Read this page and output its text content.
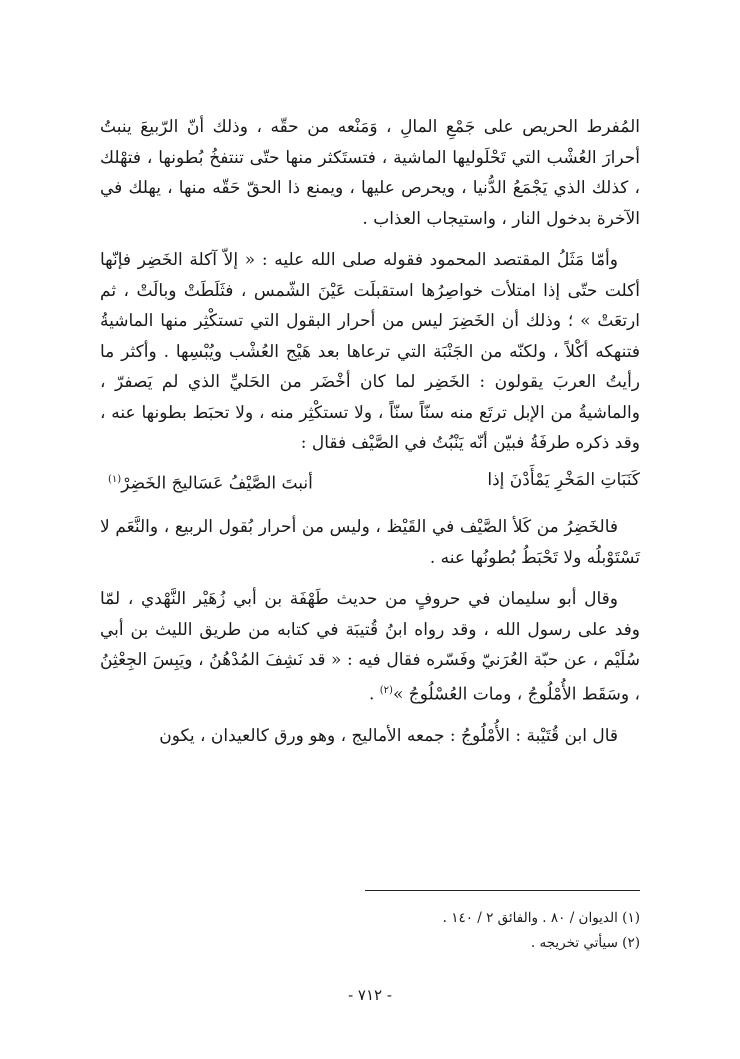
المُفرط الحريص على جَمْعِ المالِ ، وَمَنْعه من حقّه ، وذلك أنّ الرّبيعَ ينبتُ أحرارَ العُشْب التي تَحْلَوليها الماشية ، فتستَكثر منها حتّى تنتفخُ بُطونها ، فتهْلك ، كذلك الذي يَجْمَعُ الدُّنيا ، ويحرص عليها ، ويمنع ذا الحقّ حَقّه منها ، يهلك في الآخرة بدخول النار ، واستيجاب العذاب .

وأمّا مَثَلُ المقتصد المحمود فقوله صلى الله عليه : « إلاّ آكلة الخَضِر فإنّها أكلت حتّى إذا امتلأت خواصِرُها استقبلَت عَيْنَ الشّمس ، فثَلَطَتْ وبالَتْ ، ثم ارتعَتْ » ؛ وذلك أن الخَضِرَ ليس من أحرار البقول التي تستكْثِر منها الماشيةُ فتنهكه أكْلاً ، ولكنّه من الجَنْبَة التي ترعاها بعد هَيْج العُشْب ويُبْسِها . وأكثر ما رأيتُ العربَ يقولون : الخَضِر لما كان أخْضَر من الحَليِّ الذي لم يَصفرّ ، والماشيةُ من الإبل ترتَع منه سنّاً سنّاً ، ولا تستكْثِر منه ، ولا تحبَط بطونها عنه ، وقد ذكره طرفَةُ فبيّن أنّه يَنْبُتُ في الصَّيْف فقال :

كَنَبَاتِ المَخْرِ يَمْأَدْنَ إذا
أنبتَ الصَّيْفُ عَسَاليجَ الخَضِرْ$^{(١)}$

فالخَضِرُ من كَلأ الصَّيْف في القَيْظ ، وليس من أحرار بُقول الربيع ، والنَّعَم لا تَسْتَوْبلُه ولا تَحْبَطُ بُطونُها عنه .

وقال أبو سليمان في حروفٍ من حديث طَهْفَة بن أبي زُهَيْر النَّهْدي ، لمّا وفد على رسول الله ، وقد رواه ابنُ قُتيبَة في كتابه من طريق الليث بن أبي سُلَيْم ، عن حبّة العُرَنيّ وفَسّره فقال فيه : « قد نَشِفَ المُدْهُنُ ، ويَبِسَ الجِعْثِنُ ، وسَقَط الأُمْلُوجُ ، ومات العُسْلُوجُ »$^{(٢)}$ .

قال ابن قُتَيْبة : الأُمْلُوجُ : جمعه الأماليج ، وهو ورق كالعيدان ، يكون

(١) الديوان / ٨٠ . والفائق ٢ / ١٤٠ .
(٢) سيأتي تخريجه .
- ٧١٢ -
